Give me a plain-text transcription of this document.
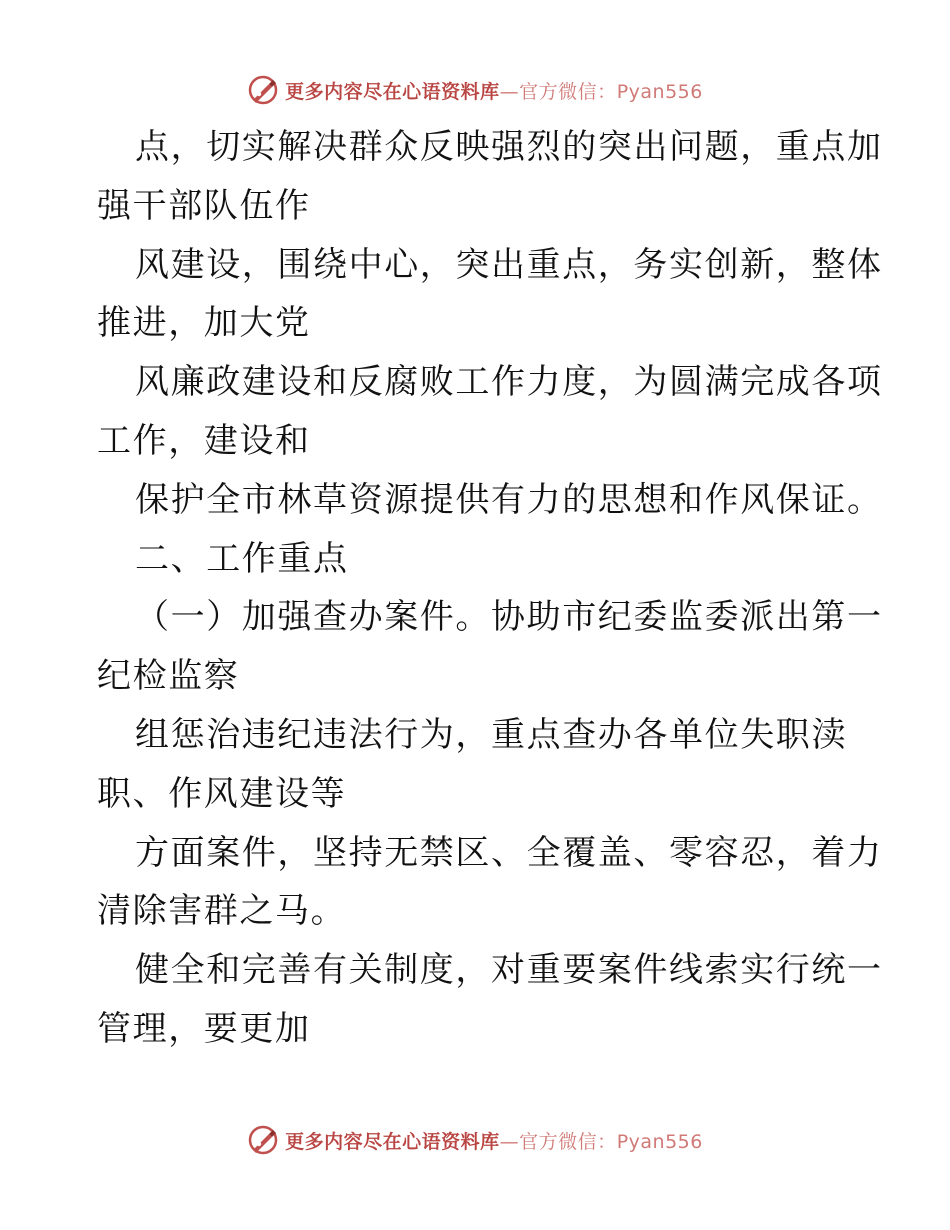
更多内容尽在心语资料库—官方微信：Pyan556
点，切实解决群众反映强烈的突出问题，重点加
强干部队伍作
风建设，围绕中心，突出重点，务实创新，整体
推进，加大党
风廉政建设和反腐败工作力度，为圆满完成各项
工作，建设和
保护全市林草资源提供有力的思想和作风保证。
二、工作重点
（一）加强查办案件。协助市纪委监委派出第一
纪检监察
组惩治违纪违法行为，重点查办各单位失职渎
职、作风建设等
方面案件，坚持无禁区、全覆盖、零容忍，着力
清除害群之马。
健全和完善有关制度，对重要案件线索实行统一
管理，要更加
更多内容尽在心语资料库—官方微信：Pyan556
